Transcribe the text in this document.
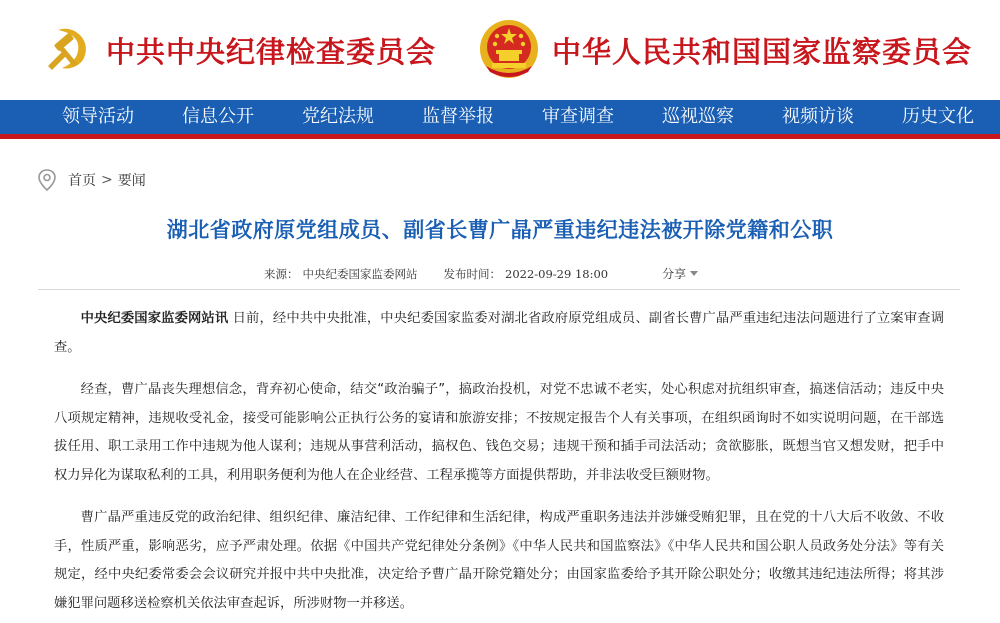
中共中央纪律检查委员会	中华人民共和国国家监察委员会
领导活动	信息公开	党纪法规	监督举报	审查调查	巡视巡察	视频访谈	历史文化
首页 > 要闻
湖北省政府原党组成员、副省长曹广晶严重违纪违法被开除党籍和公职
来源： 中央纪委国家监委网站 发布时间： 2022-09-29 18:00	分享

中央纪委国家监委网站讯 日前，经中共中央批准，中央纪委国家监委对湖北省政府原党组成员、副省长曹广晶严重违纪违法问题进行了立案审查调查。

经查，曹广晶丧失理想信念，背弃初心使命，结交“政治骗子”，搞政治投机，对党不忠诚不老实，处心积虑对抗组织审查，搞迷信活动；违反中央八项规定精神，违规收受礼金，接受可能影响公正执行公务的宴请和旅游安排；不按规定报告个人有关事项，在组织函询时不如实说明问题，在干部选拔任用、职工录用工作中违规为他人谋利；违规从事营利活动，搞权色、钱色交易；违规干预和插手司法活动；贪欲膨胀，既想当官又想发财，把手中权力异化为谋取私利的工具，利用职务便利为他人在企业经营、工程承揽等方面提供帮助，并非法收受巨额财物。

曹广晶严重违反党的政治纪律、组织纪律、廉洁纪律、工作纪律和生活纪律，构成严重职务违法并涉嫌受贿犯罪，且在党的十八大后不收敛、不收手，性质严重，影响恶劣，应予严肃处理。依据《中国共产党纪律处分条例》《中华人民共和国监察法》《中华人民共和国公职人员政务处分法》等有关规定，经中央纪委常委会会议研究并报中共中央批准，决定给予曹广晶开除党籍处分；由国家监委给予其开除公职处分；收缴其违纪违法所得；将其涉嫌犯罪问题移送检察机关依法审查起诉，所涉财物一并移送。
